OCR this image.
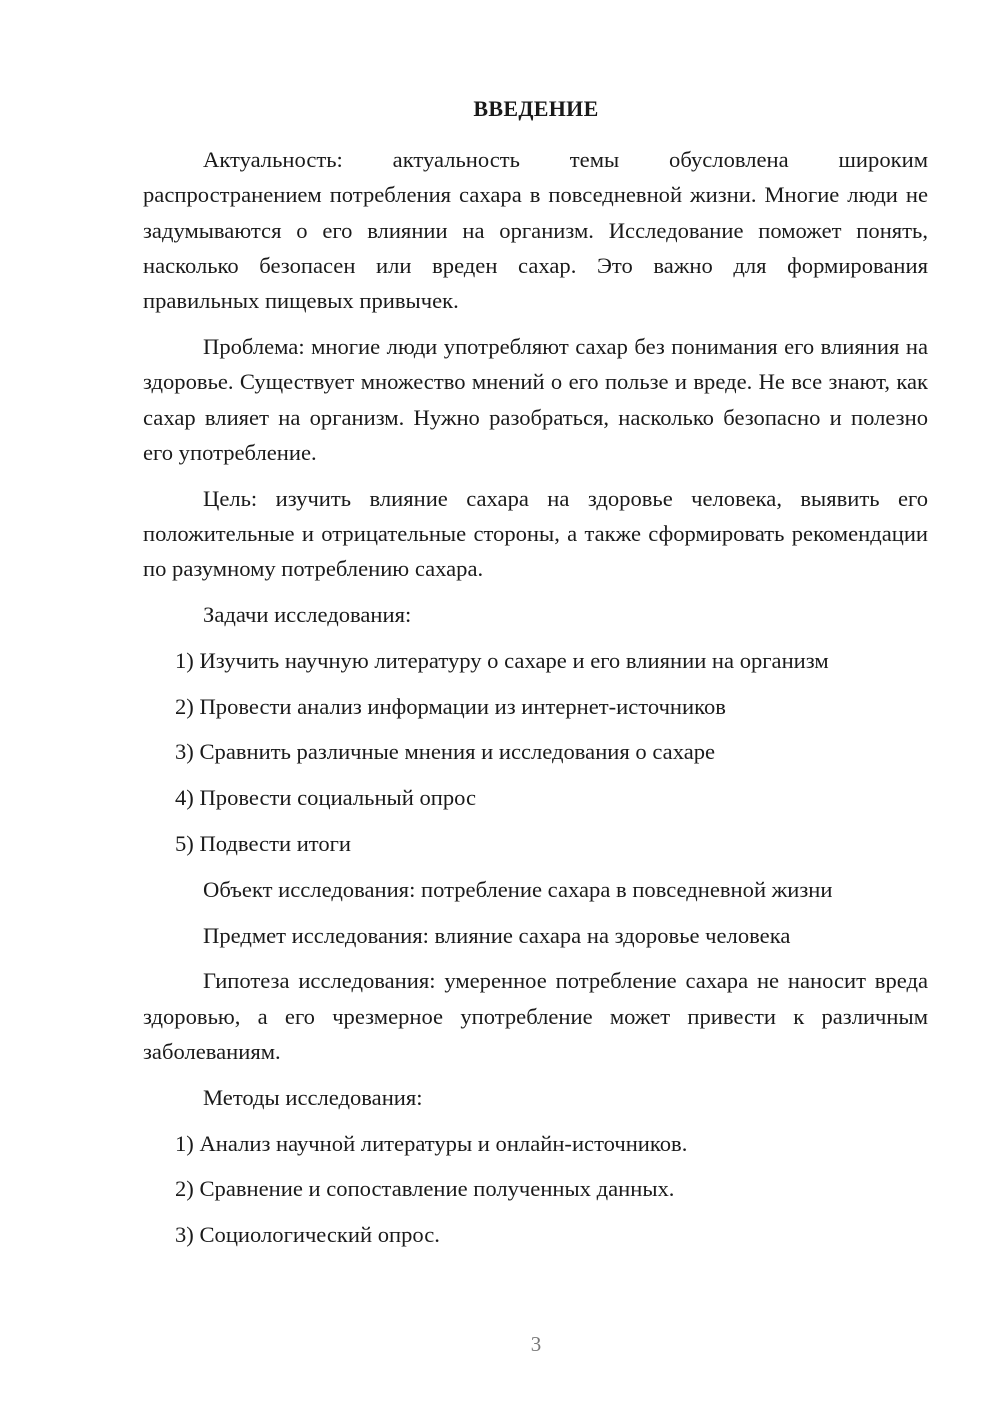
ВВЕДЕНИЕ

Актуальность: актуальность темы обусловлена широким распространением потребления сахара в повседневной жизни. Многие люди не задумываются о его влиянии на организм. Исследование поможет понять, насколько безопасен или вреден сахар. Это важно для формирования правильных пищевых привычек.

Проблема: многие люди употребляют сахар без понимания его влияния на здоровье. Существует множество мнений о его пользе и вреде. Не все знают, как сахар влияет на организм. Нужно разобраться, насколько безопасно и полезно его употребление.

Цель: изучить влияние сахара на здоровье человека, выявить его положительные и отрицательные стороны, а также сформировать рекомендации по разумному потреблению сахара.

Задачи исследования:

1) Изучить научную литературу о сахаре и его влиянии на организм

2) Провести анализ информации из интернет-источников

3) Сравнить различные мнения и исследования о сахаре

4) Провести социальный опрос

5) Подвести итоги

Объект исследования: потребление сахара в повседневной жизни

Предмет исследования: влияние сахара на здоровье человека

Гипотеза исследования: умеренное потребление сахара не наносит вреда здоровью, а его чрезмерное употребление может привести к различным заболеваниям.

Методы исследования:

1) Анализ научной литературы и онлайн-источников.

2) Сравнение и сопоставление полученных данных.

3) Социологический опрос.

3
